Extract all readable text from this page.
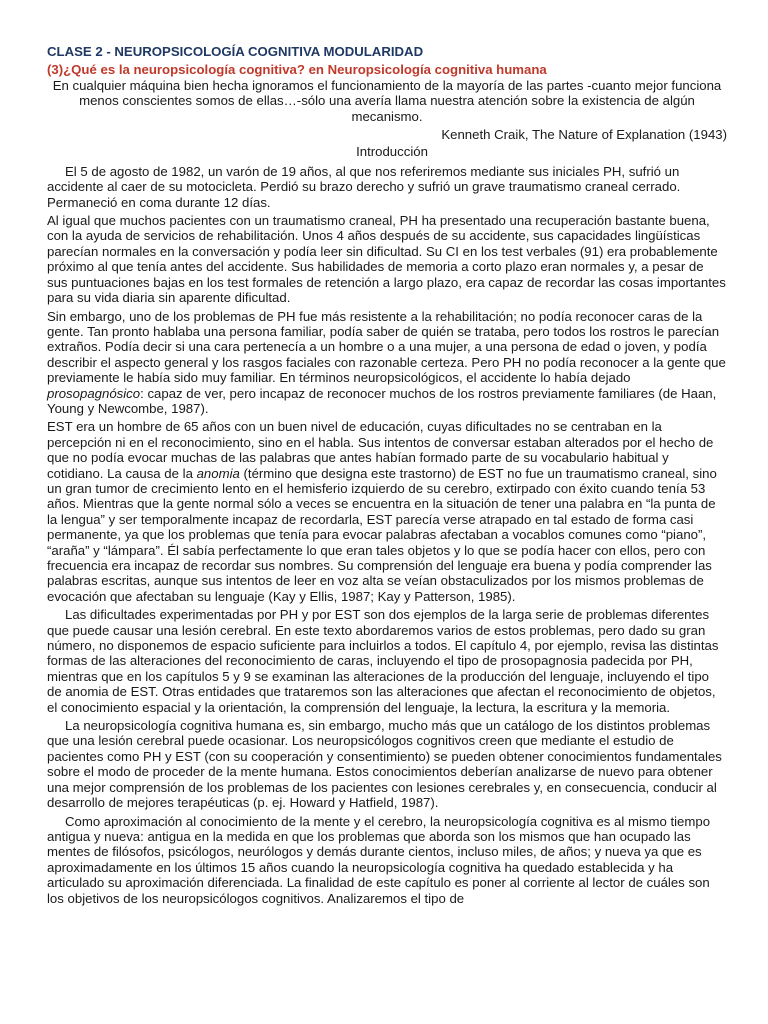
CLASE 2 - NEUROPSICOLOGÍA COGNITIVA MODULARIDAD
(3)¿Qué es la neuropsicología cognitiva? en Neuropsicología cognitiva humana
En cualquier máquina bien hecha ignoramos el funcionamiento de la mayoría de las partes -cuanto mejor funciona menos conscientes somos de ellas…-sólo una avería llama nuestra atención sobre la existencia de algún mecanismo.
Kenneth Craik, The Nature of Explanation (1943)
Introducción

El 5 de agosto de 1982, un varón de 19 años, al que nos referiremos mediante sus iniciales PH, sufrió un accidente al caer de su motocicleta. Perdió su brazo derecho y sufrió un grave traumatismo craneal cerrado. Permaneció en coma durante 12 días.

Al igual que muchos pacientes con un traumatismo craneal, PH ha presentado una recuperación bastante buena, con la ayuda de servicios de rehabilitación. Unos 4 años después de su accidente, sus capacidades lingüísticas parecían normales en la conversación y podía leer sin dificultad. Su CI en los test verbales (91) era probablemente próximo al que tenía antes del accidente. Sus habilidades de memoria a corto plazo eran normales y, a pesar de sus puntuaciones bajas en los test formales de retención a largo plazo, era capaz de recordar las cosas importantes para su vida diaria sin aparente dificultad.

Sin embargo, uno de los problemas de PH fue más resistente a la rehabilitación; no podía reconocer caras de la gente. Tan pronto hablaba una persona familiar, podía saber de quién se trataba, pero todos los rostros le parecían extraños. Podía decir si una cara pertenecía a un hombre o a una mujer, a una persona de edad o joven, y podía describir el aspecto general y los rasgos faciales con razonable certeza. Pero PH no podía reconocer a la gente que previamente le había sido muy familiar. En términos neuropsicológicos, el accidente lo había dejado prosopagnósico: capaz de ver, pero incapaz de reconocer muchos de los rostros previamente familiares (de Haan, Young y Newcombe, 1987).

EST era un hombre de 65 años con un buen nivel de educación, cuyas dificultades no se centraban en la percepción ni en el reconocimiento, sino en el habla. Sus intentos de conversar estaban alterados por el hecho de que no podía evocar muchas de las palabras que antes habían formado parte de su vocabulario habitual y cotidiano. La causa de la anomia (término que designa este trastorno) de EST no fue un traumatismo craneal, sino un gran tumor de crecimiento lento en el hemisferio izquierdo de su cerebro, extirpado con éxito cuando tenía 53 años. Mientras que la gente normal sólo a veces se encuentra en la situación de tener una palabra en “la punta de la lengua” y ser temporalmente incapaz de recordarla, EST parecía verse atrapado en tal estado de forma casi permanente, ya que los problemas que tenía para evocar palabras afectaban a vocablos comunes como “piano”, “araña” y “lámpara”. Él sabía perfectamente lo que eran tales objetos y lo que se podía hacer con ellos, pero con frecuencia era incapaz de recordar sus nombres. Su comprensión del lenguaje era buena y podía comprender las palabras escritas, aunque sus intentos de leer en voz alta se veían obstaculizados por los mismos problemas de evocación que afectaban su lenguaje (Kay y Ellis, 1987; Kay y Patterson, 1985).

Las dificultades experimentadas por PH y por EST son dos ejemplos de la larga serie de problemas diferentes que puede causar una lesión cerebral. En este texto abordaremos varios de estos problemas, pero dado su gran número, no disponemos de espacio suficiente para incluirlos a todos. El capítulo 4, por ejemplo, revisa las distintas formas de las alteraciones del reconocimiento de caras, incluyendo el tipo de prosopagnosia padecida por PH, mientras que en los capítulos 5 y 9 se examinan las alteraciones de la producción del lenguaje, incluyendo el tipo de anomia de EST. Otras entidades que trataremos son las alteraciones que afectan el reconocimiento de objetos, el conocimiento espacial y la orientación, la comprensión del lenguaje, la lectura, la escritura y la memoria.

La neuropsicología cognitiva humana es, sin embargo, mucho más que un catálogo de los distintos problemas que una lesión cerebral puede ocasionar. Los neuropsicólogos cognitivos creen que mediante el estudio de pacientes como PH y EST (con su cooperación y consentimiento) se pueden obtener conocimientos fundamentales sobre el modo de proceder de la mente humana. Estos conocimientos deberían analizarse de nuevo para obtener una mejor comprensión de los problemas de los pacientes con lesiones cerebrales y, en consecuencia, conducir al desarrollo de mejores terapéuticas (p. ej. Howard y Hatfield, 1987).

Como aproximación al conocimiento de la mente y el cerebro, la neuropsicología cognitiva es al mismo tiempo antigua y nueva: antigua en la medida en que los problemas que aborda son los mismos que han ocupado las mentes de filósofos, psicólogos, neurólogos y demás durante cientos, incluso miles, de años; y nueva ya que es aproximadamente en los últimos 15 años cuando la neuropsicología cognitiva ha quedado establecida y ha articulado su aproximación diferenciada. La finalidad de este capítulo es poner al corriente al lector de cuáles son los objetivos de los neuropsicólogos cognitivos. Analizaremos el tipo de
